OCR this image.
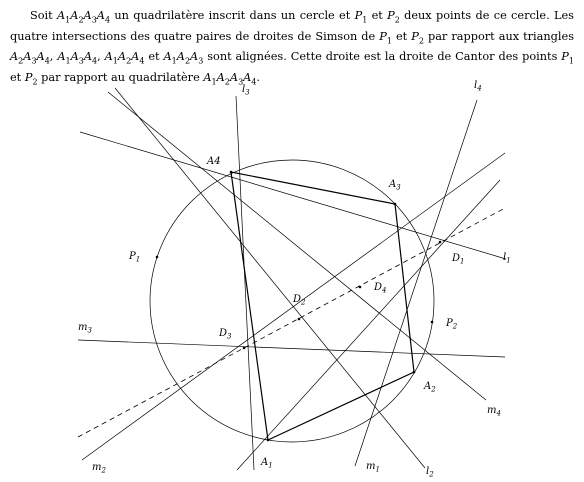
Soit $A_1A_2A_3A_4$ un quadrilatère inscrit dans un cercle et $P_1$ et $P_2$ deux points de ce cercle. Les quatre intersections des quatre paires de droites de Simson de $P_1$ et $P_2$ par rapport aux triangles $A_2A_3A_4$, $A_1A_3A_4$, $A_1A_2A_4$ et $A_1A_2A_3$ sont alignées. Cette droite est la droite de Cantor des points $P_1$ et $P_2$ par rapport au quadrilatère $A_1A_2A_3A_4$.

$l_1$
$l_2$
$l_3$
$l_4$
$m_1$
$m_2$
$m_3$
$m_4$
$A_1$
$A_2$
$A_3$
A4
$P_1$
$P_2$
$D_1$
$D_2$
$D_3$
$D_4$
